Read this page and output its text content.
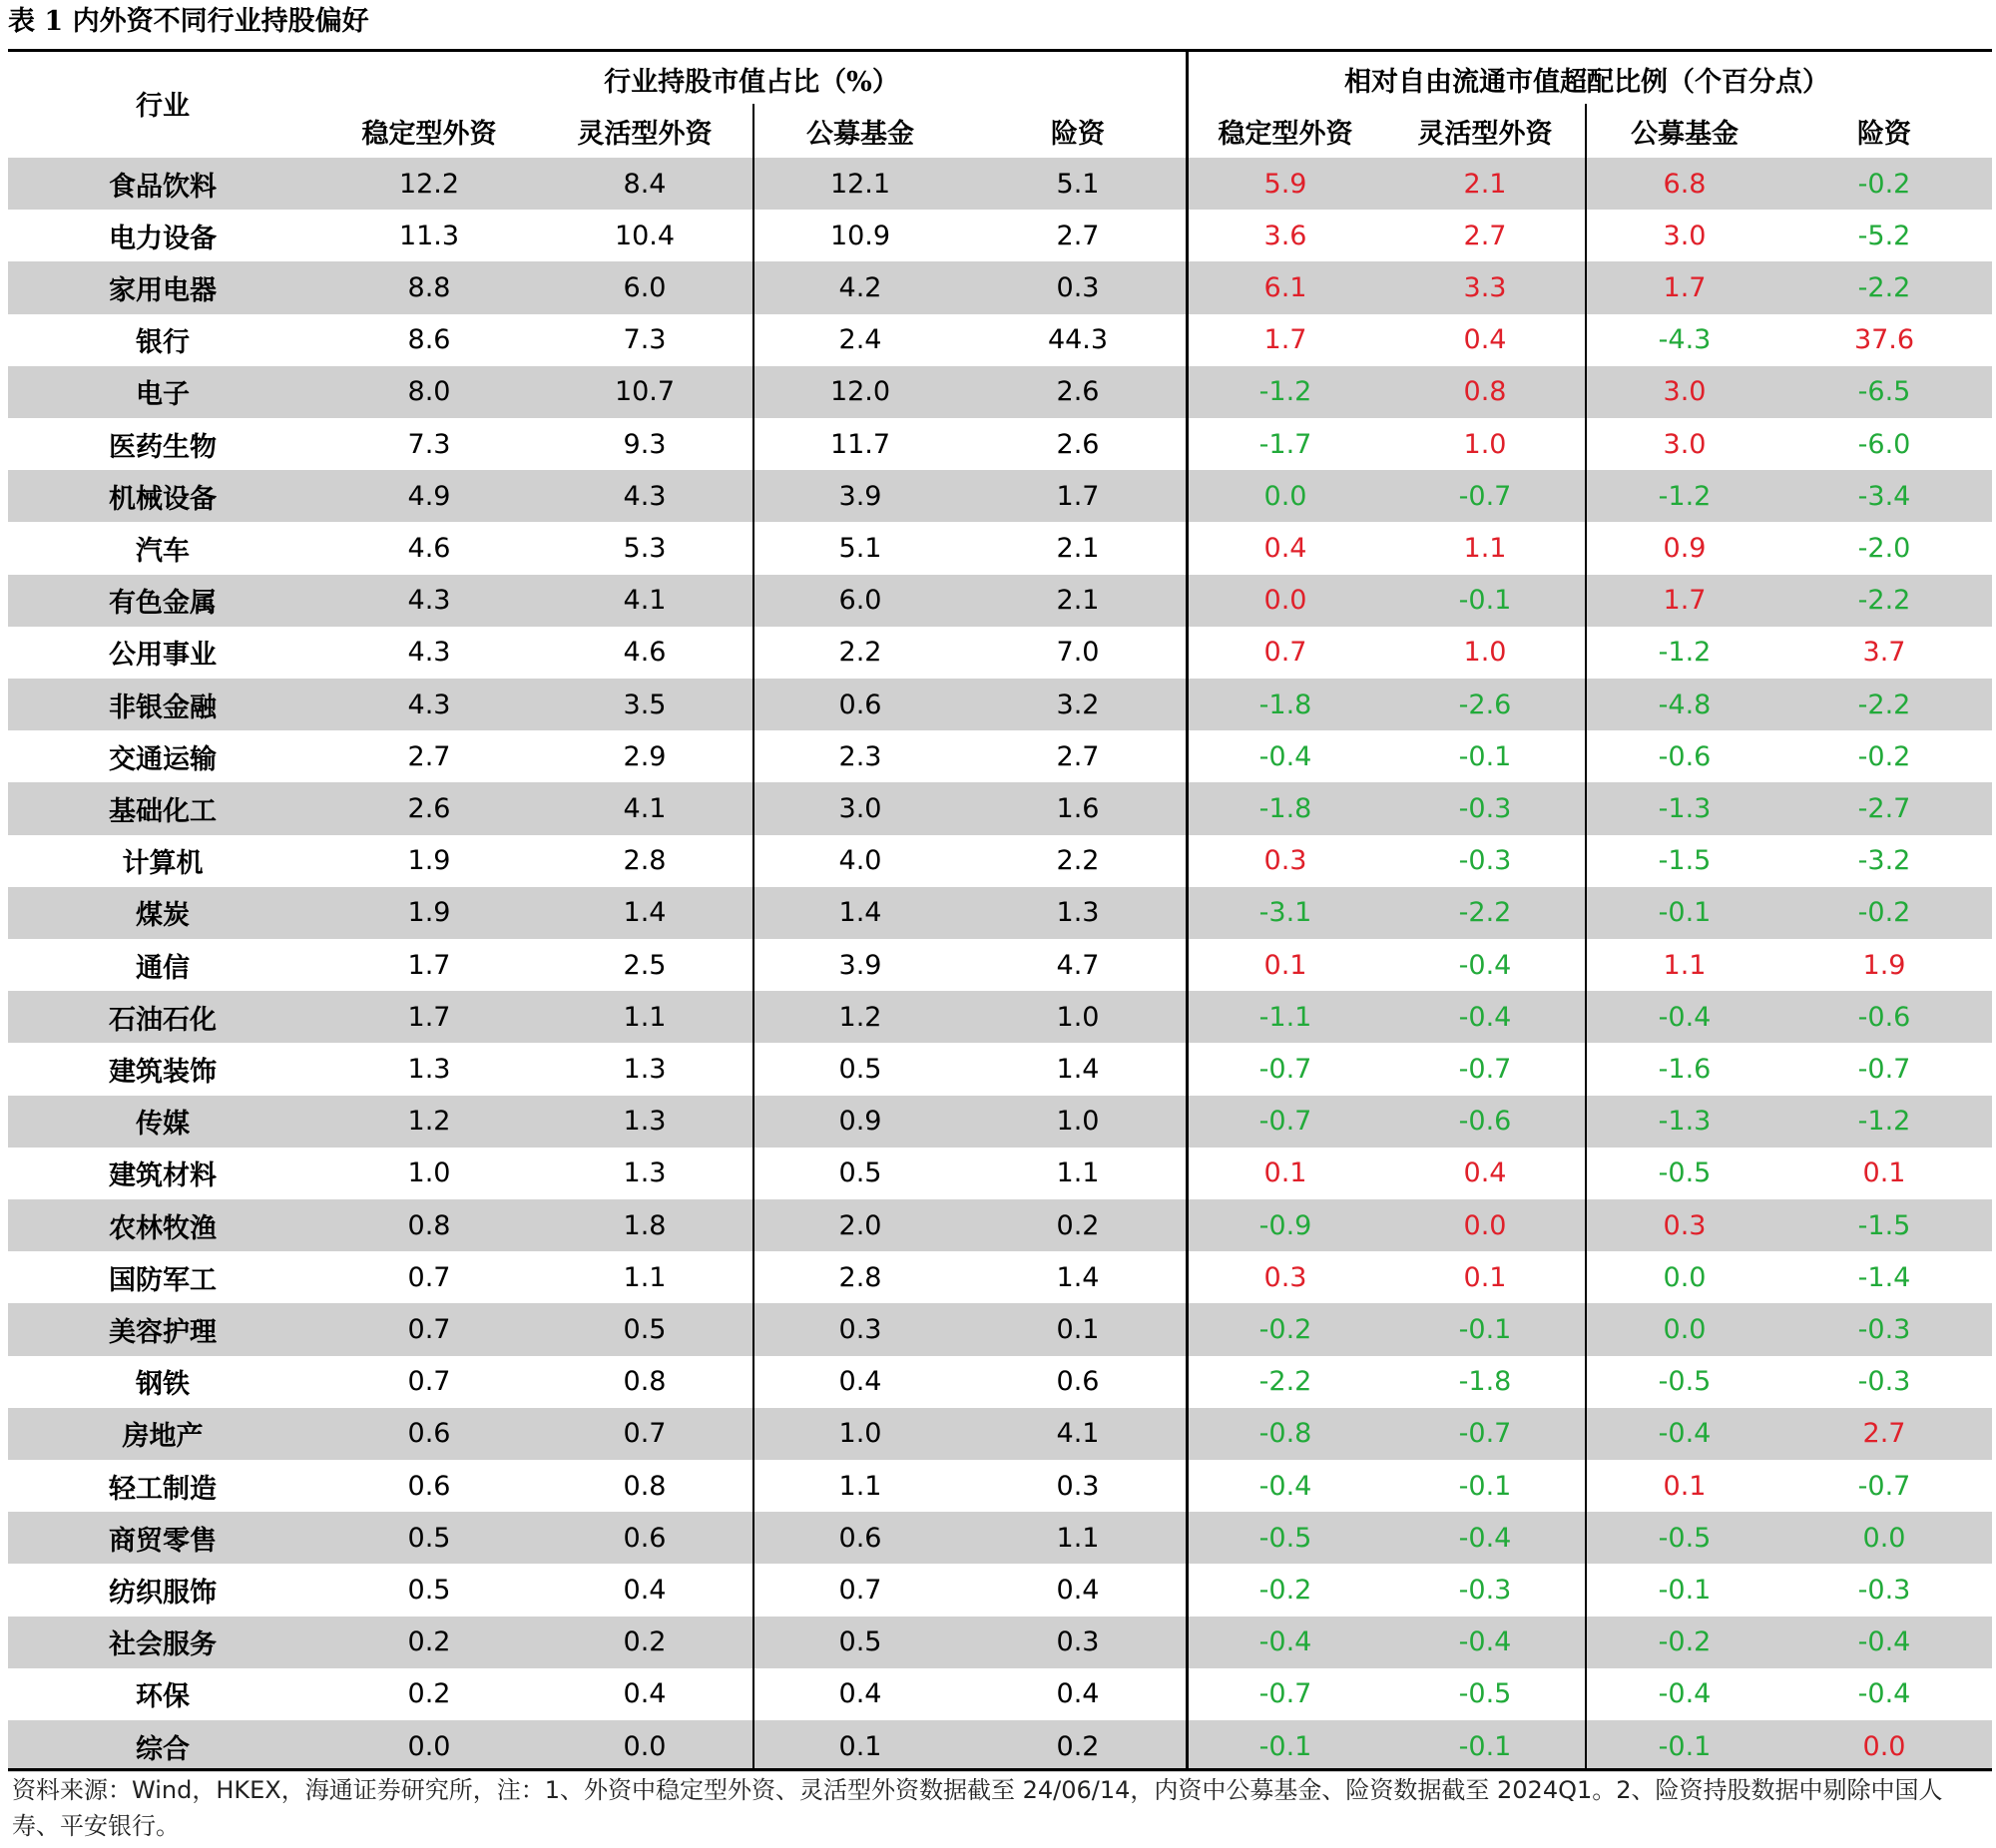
表 1 内外资不同行业持股偏好
行业
行业持股市值占比（%）	相对自由流通市值超配比例（个百分点）
稳定型外资	灵活型外资	公募基金	险资	稳定型外资	灵活型外资	公募基金	险资
食品饮料	12.2	8.4	12.1	5.1	5.9	2.1	6.8	-0.2
电力设备	11.3	10.4	10.9	2.7	3.6	2.7	3.0	-5.2
家用电器	8.8	6.0	4.2	0.3	6.1	3.3	1.7	-2.2
银行	8.6	7.3	2.4	44.3	1.7	0.4	-4.3	37.6
电子	8.0	10.7	12.0	2.6	-1.2	0.8	3.0	-6.5
医药生物	7.3	9.3	11.7	2.6	-1.7	1.0	3.0	-6.0
机械设备	4.9	4.3	3.9	1.7	0.0	-0.7	-1.2	-3.4
汽车	4.6	5.3	5.1	2.1	0.4	1.1	0.9	-2.0
有色金属	4.3	4.1	6.0	2.1	0.0	-0.1	1.7	-2.2
公用事业	4.3	4.6	2.2	7.0	0.7	1.0	-1.2	3.7
非银金融	4.3	3.5	0.6	3.2	-1.8	-2.6	-4.8	-2.2
交通运输	2.7	2.9	2.3	2.7	-0.4	-0.1	-0.6	-0.2
基础化工	2.6	4.1	3.0	1.6	-1.8	-0.3	-1.3	-2.7
计算机	1.9	2.8	4.0	2.2	0.3	-0.3	-1.5	-3.2
煤炭	1.9	1.4	1.4	1.3	-3.1	-2.2	-0.1	-0.2
通信	1.7	2.5	3.9	4.7	0.1	-0.4	1.1	1.9
石油石化	1.7	1.1	1.2	1.0	-1.1	-0.4	-0.4	-0.6
建筑装饰	1.3	1.3	0.5	1.4	-0.7	-0.7	-1.6	-0.7
传媒	1.2	1.3	0.9	1.0	-0.7	-0.6	-1.3	-1.2
建筑材料	1.0	1.3	0.5	1.1	0.1	0.4	-0.5	0.1
农林牧渔	0.8	1.8	2.0	0.2	-0.9	0.0	0.3	-1.5
国防军工	0.7	1.1	2.8	1.4	0.3	0.1	0.0	-1.4
美容护理	0.7	0.5	0.3	0.1	-0.2	-0.1	0.0	-0.3
钢铁	0.7	0.8	0.4	0.6	-2.2	-1.8	-0.5	-0.3
房地产	0.6	0.7	1.0	4.1	-0.8	-0.7	-0.4	2.7
轻工制造	0.6	0.8	1.1	0.3	-0.4	-0.1	0.1	-0.7
商贸零售	0.5	0.6	0.6	1.1	-0.5	-0.4	-0.5	0.0
纺织服饰	0.5	0.4	0.7	0.4	-0.2	-0.3	-0.1	-0.3
社会服务	0.2	0.2	0.5	0.3	-0.4	-0.4	-0.2	-0.4
环保	0.2	0.4	0.4	0.4	-0.7	-0.5	-0.4	-0.4
综合	0.0	0.0	0.1	0.2	-0.1	-0.1	-0.1	0.0
资料来源：Wind，HKEX，海通证券研究所，注：1、外资中稳定型外资、灵活型外资数据截至 24/06/14，内资中公募基金、险资数据截至 2024Q1。2、险资持股数据中剔除中国人寿、平安银行。
